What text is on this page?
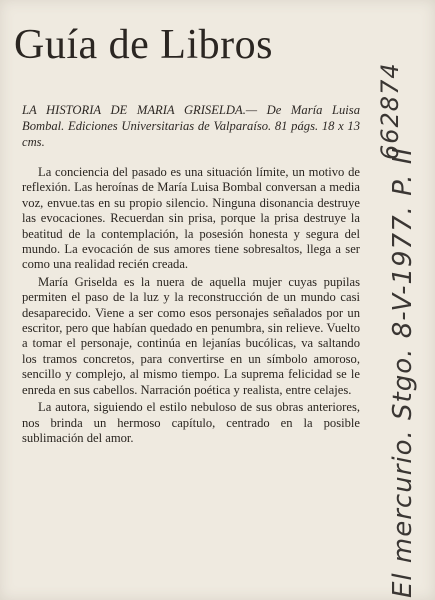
Guía de Libros

LA HISTORIA DE MARIA GRISELDA.— De María Luisa Bombal. Ediciones Universitarias de Valparaíso. 81 págs. 18 x 13 cms.

La conciencia del pasado es una situación límite, un motivo de reflexión. Las heroínas de María Luisa Bombal conversan a media voz, envue.tas en su propio silencio. Ninguna disonancia destruye las evocaciones. Recuerdan sin prisa, porque la prisa destruye la beatitud de la contemplación, la posesión honesta y segura del mundo. La evocación de sus amores tiene sobresaltos, llega a ser como una realidad recién creada.

María Griselda es la nuera de aquella mujer cuyas pupilas permiten el paso de la luz y la reconstrucción de un mundo casi desaparecido. Viene a ser como esos personajes señalados por un escritor, pero que habían quedado en penumbra, sin relieve. Vuelto a tomar el personaje, continúa en lejanías bucólicas, va saltando los tramos concretos, para convertirse en un símbolo amoroso, sencillo y complejo, al mismo tiempo. La suprema felicidad se le enreda en sus cabellos. Narración poética y realista, entre celajes.

La autora, siguiendo el estilo nebuloso de sus obras anteriores, nos brinda un hermoso capítulo, centrado en la posible sublimación del amor.	El mercurio. Stgo. 8-V-1977. P. II
662874
